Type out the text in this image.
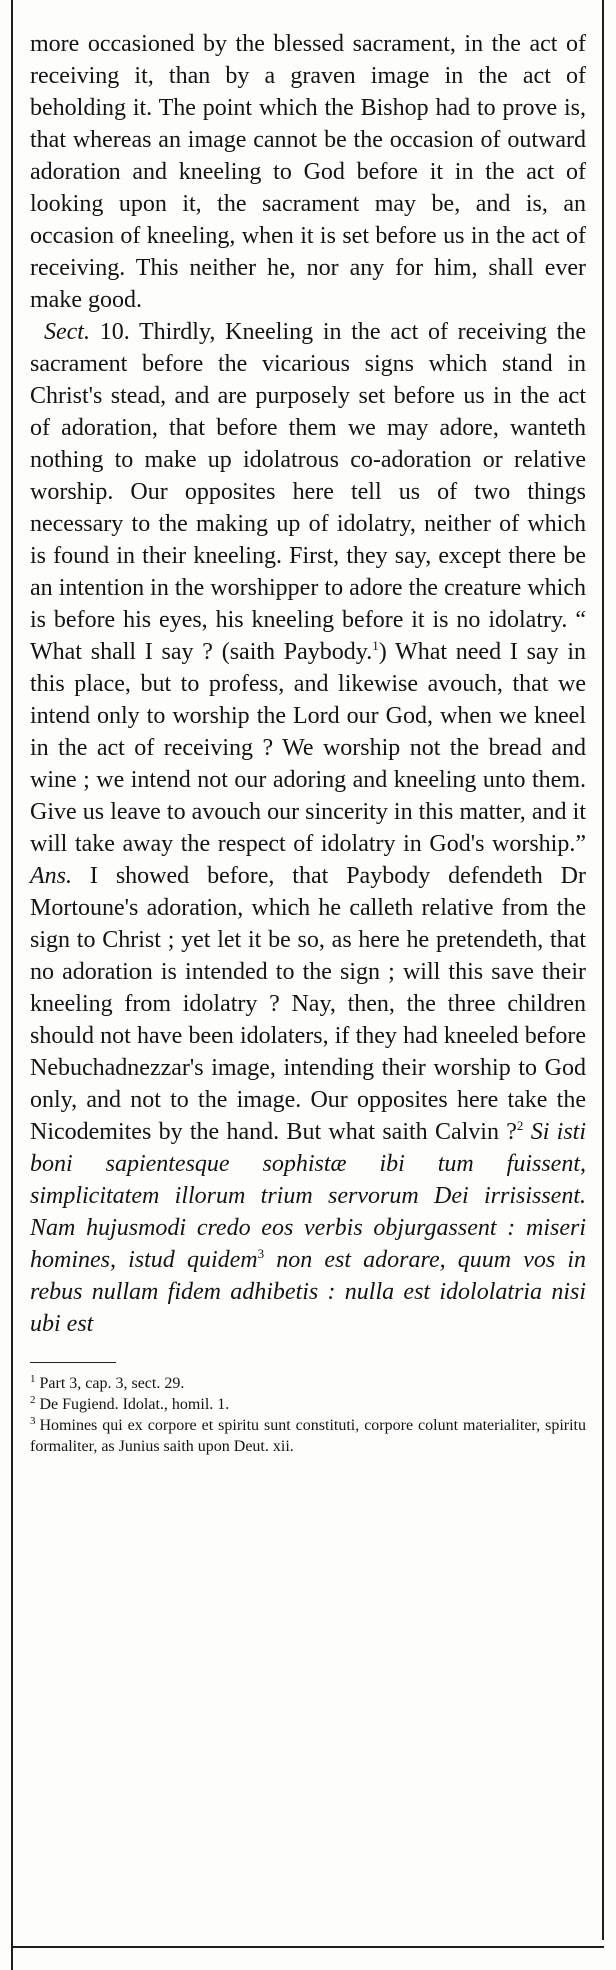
more occasioned by the blessed sacrament, in the act of receiving it, than by a graven image in the act of beholding it. The point which the Bishop had to prove is, that whereas an image cannot be the occasion of outward adoration and kneeling to God before it in the act of looking upon it, the sacrament may be, and is, an occasion of kneeling, when it is set before us in the act of receiving. This neither he, nor any for him, shall ever make good.

Sect. 10. Thirdly, Kneeling in the act of receiving the sacrament before the vicarious signs which stand in Christ's stead, and are purposely set before us in the act of adoration, that before them we may adore, wanteth nothing to make up idolatrous co-adoration or relative worship. Our opposites here tell us of two things necessary to the making up of idolatry, neither of which is found in their kneeling. First, they say, except there be an intention in the worshipper to adore the creature which is before his eyes, his kneeling before it is no idolatry. “ What shall I say ? (saith Paybody.$^1$) What need I say in this place, but to profess, and likewise avouch, that we intend only to worship the Lord our God, when we kneel in the act of receiving ? We worship not the bread and wine ; we intend not our adoring and kneeling unto them. Give us leave to avouch our sincerity in this matter, and it will take away the respect of idolatry in God's worship.” Ans. I showed before, that Paybody defendeth Dr Mortoune's adoration, which he calleth relative from the sign to Christ ; yet let it be so, as here he pretendeth, that no adoration is intended to the sign ; will this save their kneeling from idolatry ? Nay, then, the three children should not have been idolaters, if they had kneeled before Nebuchadnezzar's image, intending their worship to God only, and not to the image. Our opposites here take the Nicodemites by the hand. But what saith Calvin ?$^2$ Si isti boni sapientesque sophistæ ibi tum fuissent, simplicitatem illorum trium servorum Dei irrisissent. Nam hujusmodi credo eos verbis objurgassent : miseri homines, istud quidem$^3$ non est adorare, quum vos in rebus nullam fidem adhibetis : nulla est idololatria nisi ubi est

$^1$ Part 3, cap. 3, sect. 29.

$^2$ De Fugiend. Idolat., homil. 1.

$^3$ Homines qui ex corpore et spiritu sunt constituti, corpore colunt materialiter, spiritu formaliter, as Junius saith upon Deut. xii.
